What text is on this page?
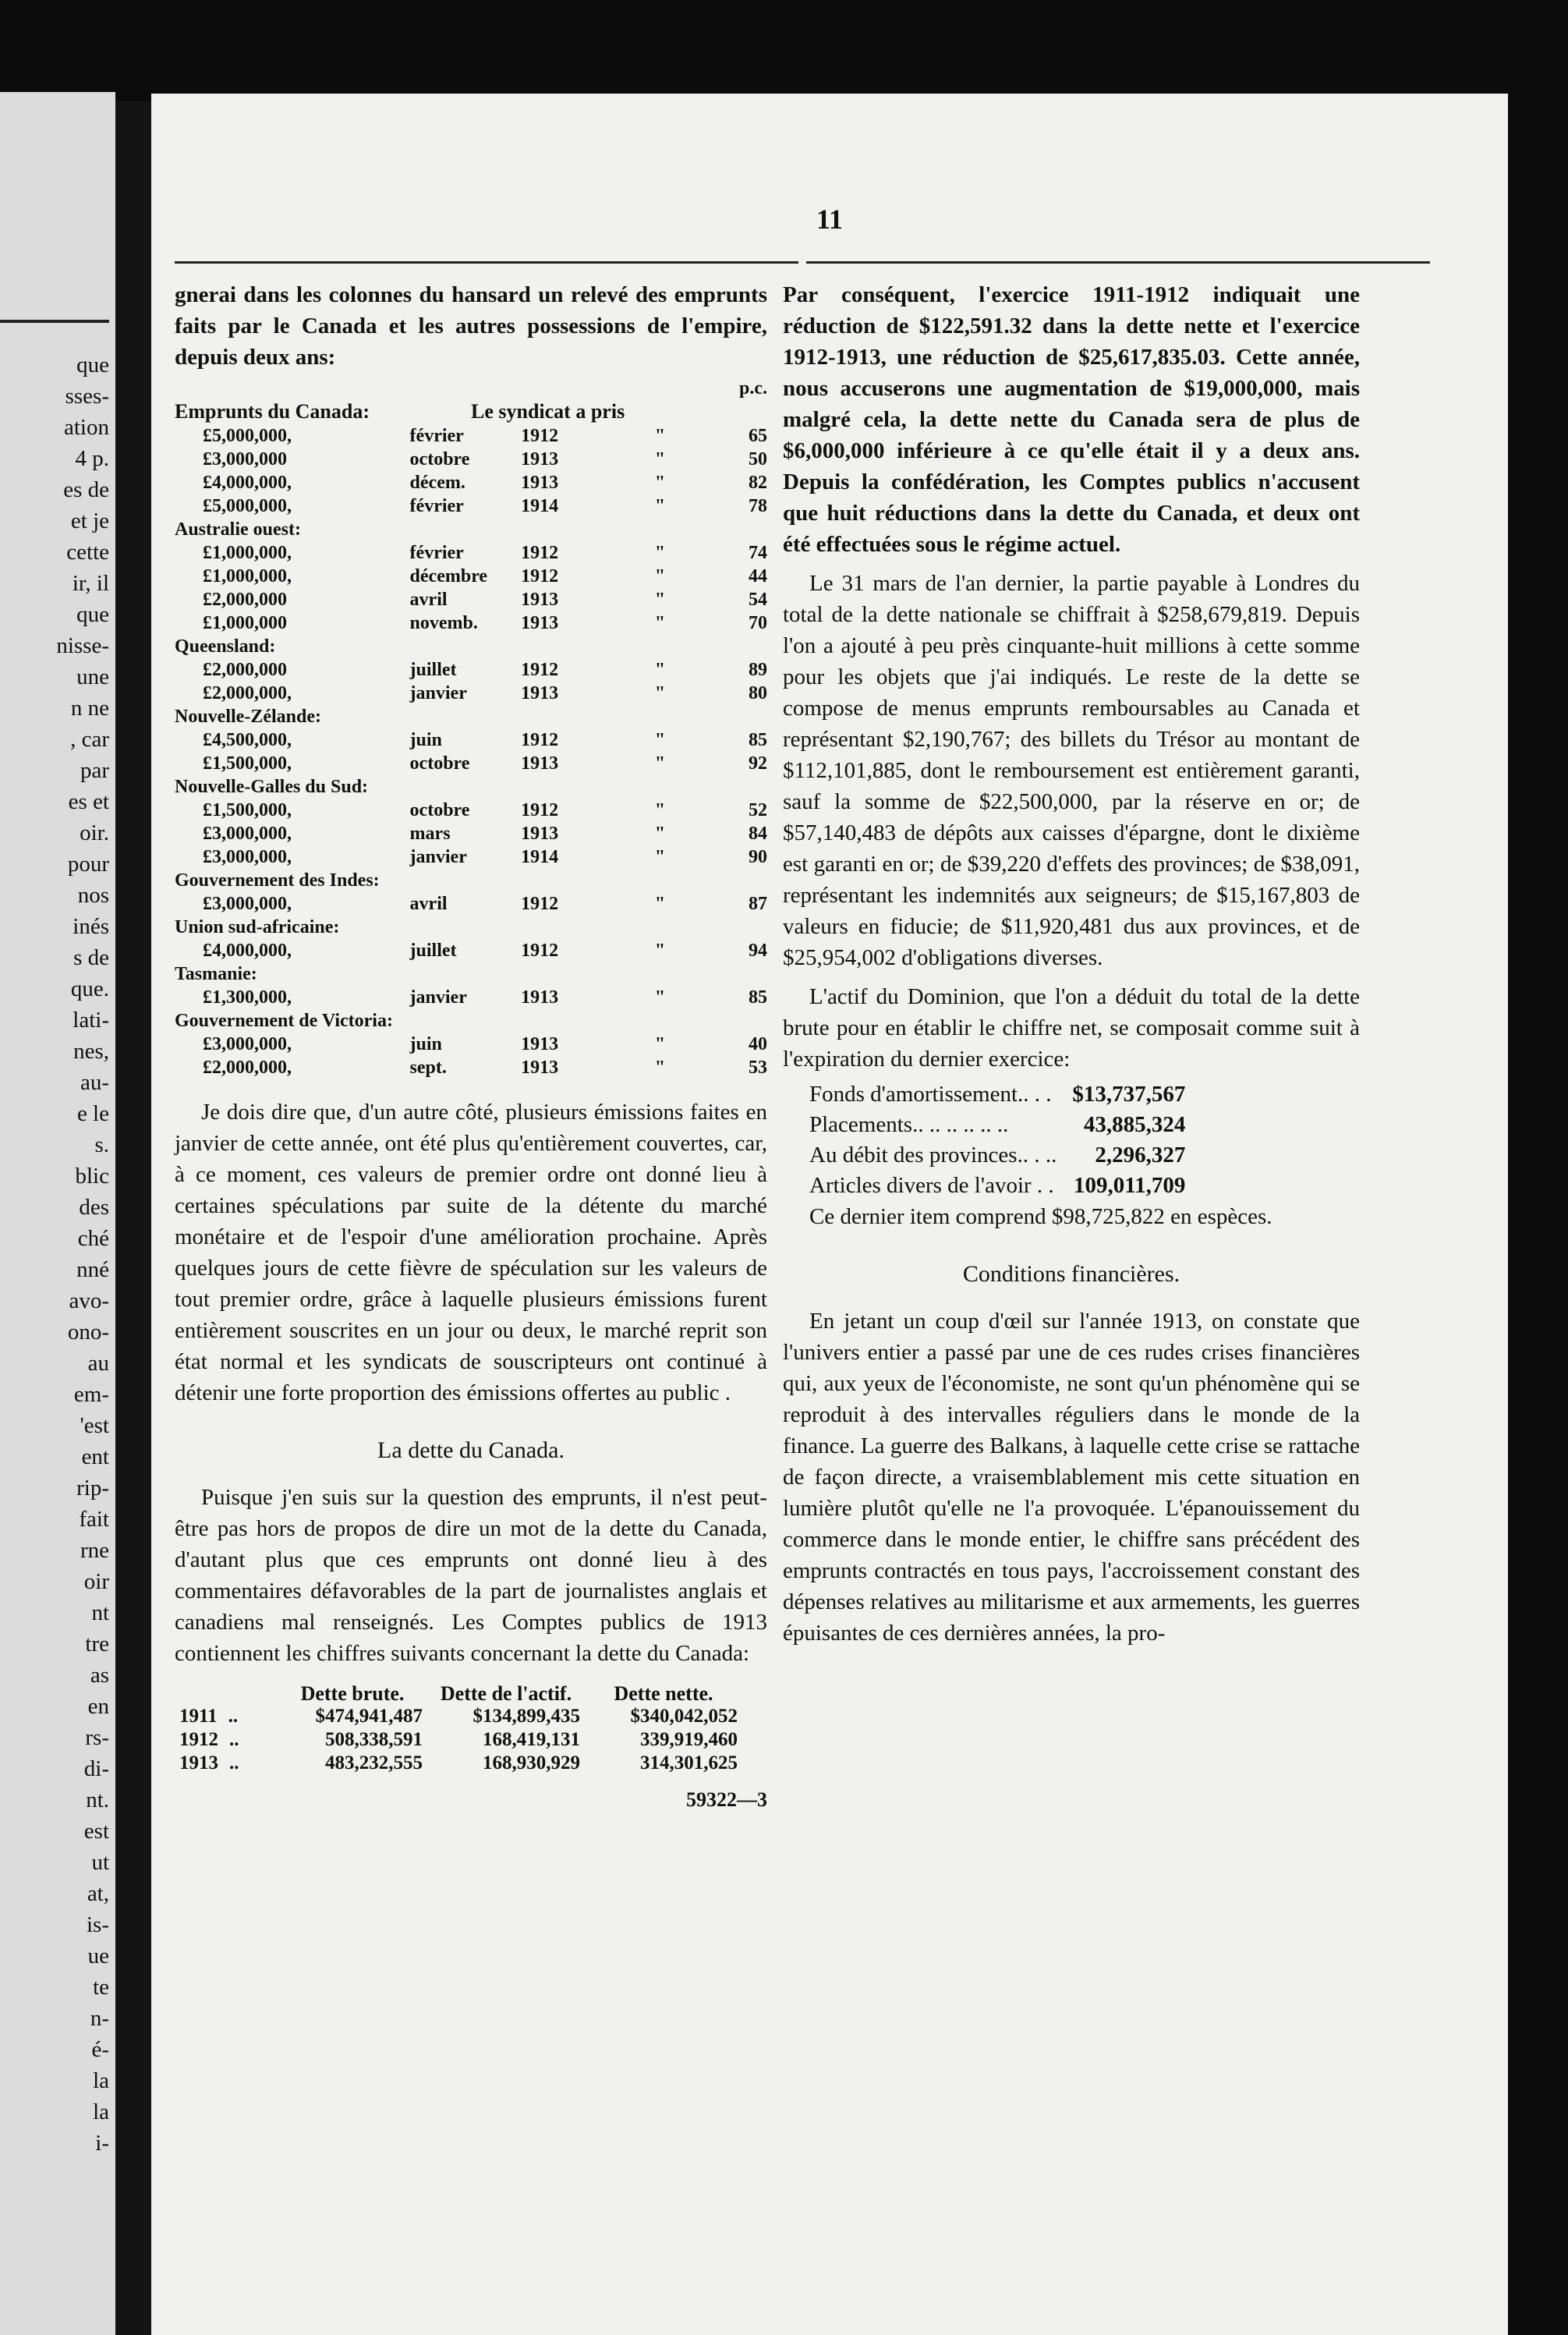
que
sses-
ation
4 p.
es de
et je
cette
ir, il
que
nisse-
une
n ne
, car
par
es et
oir.
pour
nos
inés
s de
que.
lati-
nes,
au-
e le
s.
blic
des
ché
nné
avo-
ono-
au
em-
'est
ent
rip-
fait
rne
oir
nt
tre
as
en
rs-
di-
nt.
est
ut
at,
is-
ue
te
n-
é-
la
la
i-
11

gnerai dans les colonnes du hansard un relevé des emprunts faits par le Canada et les autres possessions de l'empire, depuis deux ans:

p.c.
Emprunts du Canada:	Le syndicat a pris
£5,000,000,	février	1912	"	65
£3,000,000	octobre	1913	"	50
£4,000,000,	décem.	1913	"	82
£5,000,000,	février	1914	"	78
Australie ouest:				
£1,000,000,	février	1912	"	74
£1,000,000,	décembre	1912	"	44
£2,000,000	avril	1913	"	54
£1,000,000	novemb.	1913	"	70
Queensland:				
£2,000,000	juillet	1912	"	89
£2,000,000,	janvier	1913	"	80
Nouvelle-Zélande:				
£4,500,000,	juin	1912	"	85
£1,500,000,	octobre	1913	"	92
Nouvelle-Galles du Sud:				
£1,500,000,	octobre	1912	"	52
£3,000,000,	mars	1913	"	84
£3,000,000,	janvier	1914	"	90
Gouvernement des Indes:				
£3,000,000,	avril	1912	"	87
Union sud-africaine:				
£4,000,000,	juillet	1912	"	94
Tasmanie:				
£1,300,000,	janvier	1913	"	85
Gouvernement de Victoria:				
£3,000,000,	juin	1913	"	40
£2,000,000,	sept.	1913	"	53

Je dois dire que, d'un autre côté, plusieurs émissions faites en janvier de cette année, ont été plus qu'entièrement couvertes, car, à ce moment, ces valeurs de premier ordre ont donné lieu à certaines spéculations par suite de la détente du marché monétaire et de l'espoir d'une amélioration prochaine. Après quelques jours de cette fièvre de spéculation sur les valeurs de tout premier ordre, grâce à laquelle plusieurs émissions furent entièrement souscrites en un jour ou deux, le marché reprit son état normal et les syndicats de souscripteurs ont continué à détenir une forte proportion des émissions offertes au public .

La dette du Canada.

Puisque j'en suis sur la question des emprunts, il n'est peut-être pas hors de propos de dire un mot de la dette du Canada, d'autant plus que ces emprunts ont donné lieu à des commentaires défavorables de la part de journalistes anglais et canadiens mal renseignés. Les Comptes publics de 1913 contiennent les chiffres suivants concernant la dette du Canada:

	Dette brute.	Dette de l'actif.	Dette nette.
1911 ..	$474,941,487	$134,899,435	$340,042,052
1912 ..	508,338,591	168,419,131	339,919,460
1913 ..	483,232,555	168,930,929	314,301,625
59322—3

Par conséquent, l'exercice 1911-1912 indiquait une réduction de $122,591.32 dans la dette nette et l'exercice 1912-1913, une réduction de $25,617,835.03. Cette année, nous accuserons une augmentation de $19,000,000, mais malgré cela, la dette nette du Canada sera de plus de $6,000,000 inférieure à ce qu'elle était il y a deux ans. Depuis la confédération, les Comptes publics n'accusent que huit réductions dans la dette du Canada, et deux ont été effectuées sous le régime actuel.

Le 31 mars de l'an dernier, la partie payable à Londres du total de la dette nationale se chiffrait à $258,679,819. Depuis l'on a ajouté à peu près cinquante-huit millions à cette somme pour les objets que j'ai indiqués. Le reste de la dette se compose de menus emprunts remboursables au Canada et représentant $2,190,767; des billets du Trésor au montant de $112,101,885, dont le remboursement est entièrement garanti, sauf la somme de $22,500,000, par la réserve en or; de $57,140,483 de dépôts aux caisses d'épargne, dont le dixième est garanti en or; de $39,220 d'effets des provinces; de $38,091, représentant les indemnités aux seigneurs; de $15,167,803 de valeurs en fiducie; de $11,920,481 dus aux provinces, et de $25,954,002 d'obligations diverses.

L'actif du Dominion, que l'on a déduit du total de la dette brute pour en établir le chiffre net, se composait comme suit à l'expiration du dernier exercice:

Fonds d'amortissement.. . .	$13,737,567
Placements.. .. .. .. .. ..	43,885,324
Au débit des provinces.. . ..	2,296,327
Articles divers de l'avoir . .	109,011,709

Ce dernier item comprend $98,725,822 en espèces.

Conditions financières.

En jetant un coup d'œil sur l'année 1913, on constate que l'univers entier a passé par une de ces rudes crises financières qui, aux yeux de l'économiste, ne sont qu'un phénomène qui se reproduit à des intervalles réguliers dans le monde de la finance. La guerre des Balkans, à laquelle cette crise se rattache de façon directe, a vraisemblablement mis cette situation en lumière plutôt qu'elle ne l'a provoquée. L'épanouissement du commerce dans le monde entier, le chiffre sans précédent des emprunts contractés en tous pays, l'accroissement constant des dépenses relatives au militarisme et aux armements, les guerres épuisantes de ces dernières années, la pro-
